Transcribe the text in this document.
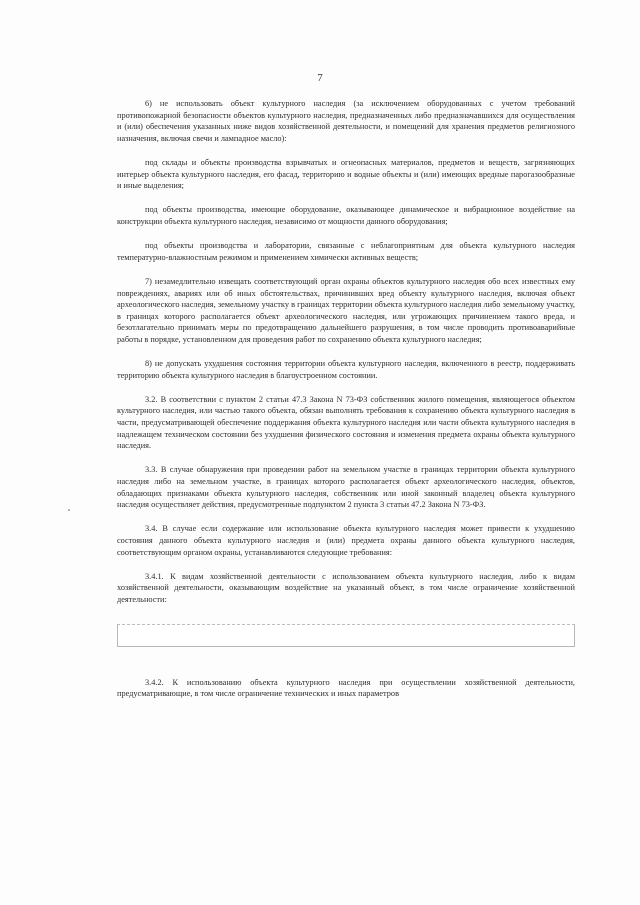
7

6) не использовать объект культурного наследия (за исключением оборудованных с учетом требований противопожарной безопасности объектов культурного наследия, предназначенных либо предназначавшихся для осуществления и (или) обеспечения указанных ниже видов хозяйственной деятельности, и помещений для хранения предметов религиозного назначения, включая свечи и лампадное масло):

под склады и объекты производства взрывчатых и огнеопасных материалов, предметов и веществ, загрязняющих интерьер объекта культурного наследия, его фасад, территорию и водные объекты и (или) имеющих вредные парогазообразные и иные выделения;

под объекты производства, имеющие оборудование, оказывающее динамическое и вибрационное воздействие на конструкции объекта культурного наследия, независимо от мощности данного оборудования;

под объекты производства и лаборатории, связанные с неблагоприятным для объекта культурного наследия температурно-влажностным режимом и применением химически активных веществ;

7) незамедлительно извещать соответствующий орган охраны объектов культурного наследия обо всех известных ему повреждениях, авариях или об иных обстоятельствах, причинивших вред объекту культурного наследия, включая объект археологического наследия, земельному участку в границах территории объекта культурного наследия либо земельному участку, в границах которого располагается объект археологического наследия, или угрожающих причинением такого вреда, и безотлагательно принимать меры по предотвращению дальнейшего разрушения, в том числе проводить противоаварийные работы в порядке, установленном для проведения работ по сохранению объекта культурного наследия;

8) не допускать ухудшения состояния территории объекта культурного наследия, включенного в реестр, поддерживать территорию объекта культурного наследия в благоустроенном состоянии.

3.2. В соответствии с пунктом 2 статьи 47.3 Закона N 73-ФЗ собственник жилого помещения, являющегося объектом культурного наследия, или частью такого объекта, обязан выполнять требования к сохранению объекта культурного наследия в части, предусматривающей обеспечение поддержания объекта культурного наследия или части объекта культурного наследия в надлежащем техническом состоянии без ухудшения физического состояния и изменения предмета охраны объекта культурного наследия.

3.3. В случае обнаружения при проведении работ на земельном участке в границах территории объекта культурного наследия либо на земельном участке, в границах которого располагается объект археологического наследия, объектов, обладающих признаками объекта культурного наследия, собственник или иной законный владелец объекта культурного наследия осуществляет действия, предусмотренные подпунктом 2 пункта 3 статьи 47.2 Закона N 73-ФЗ.

3.4. В случае если содержание или использование объекта культурного наследия может привести к ухудшению состояния данного объекта культурного наследия и (или) предмета охраны данного объекта культурного наследия, соответствующим органом охраны, устанавливаются следующие требования:

3.4.1. К видам хозяйственной деятельности с использованием объекта культурного наследия, либо к видам хозяйственной деятельности, оказывающим воздействие на указанный объект, в том числе ограничение хозяйственной деятельности:

3.4.2. К использованию объекта культурного наследия при осуществлении хозяйственной деятельности, предусматривающие, в том числе ограничение технических и иных параметров
